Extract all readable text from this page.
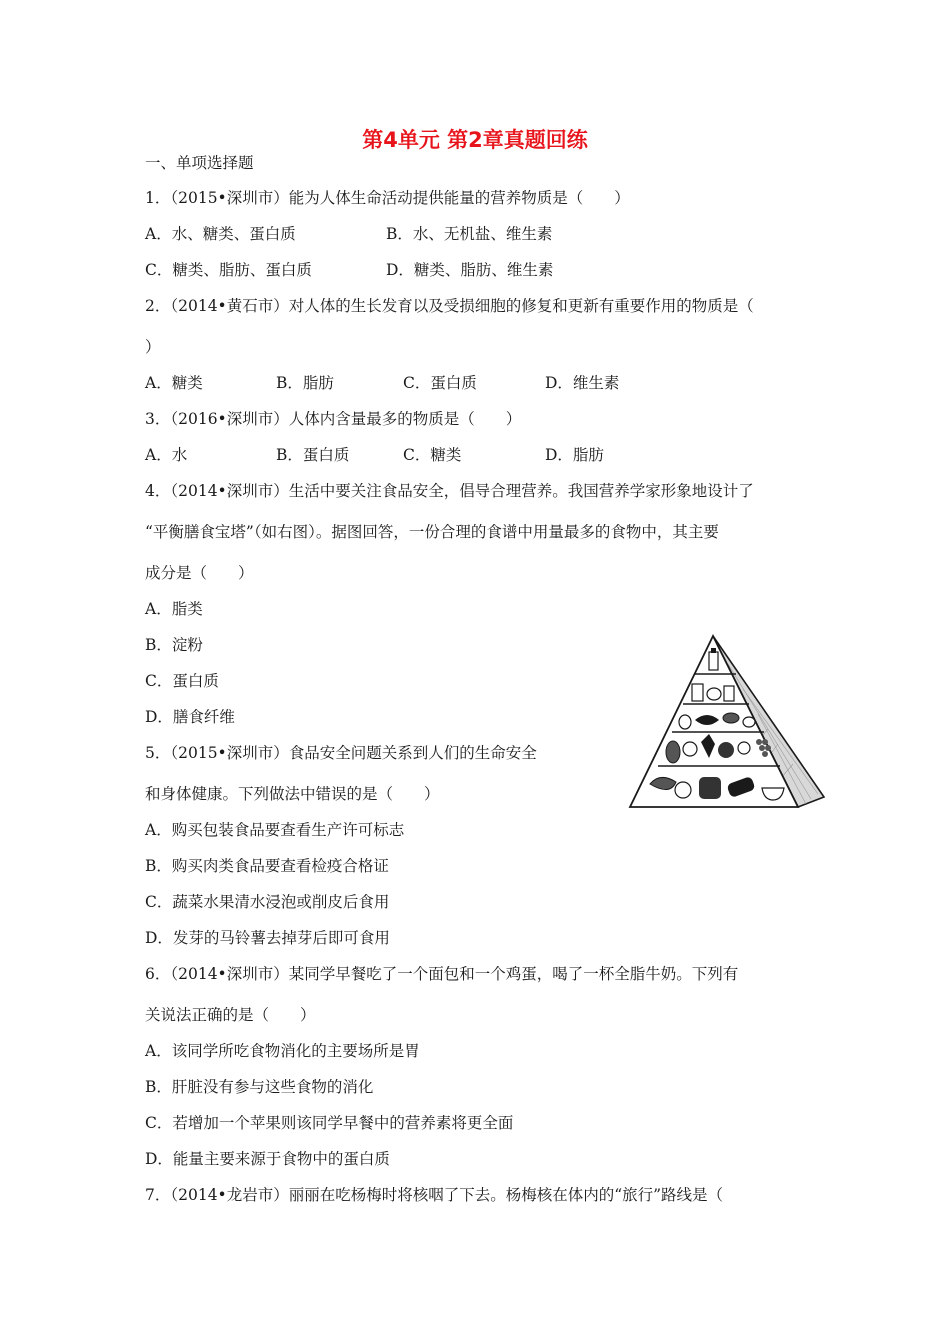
第4单元 第2章真题回练

一、单项选择题

1．（2015•深圳市）能为人体生命活动提供能量的营养物质是（　　）

A．水、糖类、蛋白质	B．水、无机盐、维生素

C．糖类、脂肪、蛋白质	D．糖类、脂肪、维生素

2．（2014•黄石市）对人体的生长发育以及受损细胞的修复和更新有重要作用的物质是（

）

A．糖类	B．脂肪	C．蛋白质	D．维生素

3．（2016•深圳市）人体内含量最多的物质是（　　）

A．水	B．蛋白质	C．糖类	D．脂肪

4．（2014•深圳市）生活中要关注食品安全，倡导合理营养。我国营养学家形象地设计了

“平衡膳食宝塔”（如右图）。据图回答，一份合理的食谱中用量最多的食物中，其主要

成分是（　　）

A．脂类

B．淀粉

C．蛋白质

D．膳食纤维

5．（2015•深圳市）食品安全问题关系到人们的生命安全

和身体健康。下列做法中错误的是（　　）

A．购买包装食品要查看生产许可标志

B．购买肉类食品要查看检疫合格证

C．蔬菜水果清水浸泡或削皮后食用

D．发芽的马铃薯去掉芽后即可食用

6．（2014•深圳市）某同学早餐吃了一个面包和一个鸡蛋，喝了一杯全脂牛奶。下列有

关说法正确的是（　　）

A．该同学所吃食物消化的主要场所是胃

B．肝脏没有参与这些食物的消化

C．若增加一个苹果则该同学早餐中的营养素将更全面

D．能量主要来源于食物中的蛋白质

7．（2014•龙岩市）丽丽在吃杨梅时将核咽了下去。杨梅核在体内的“旅行”路线是（
